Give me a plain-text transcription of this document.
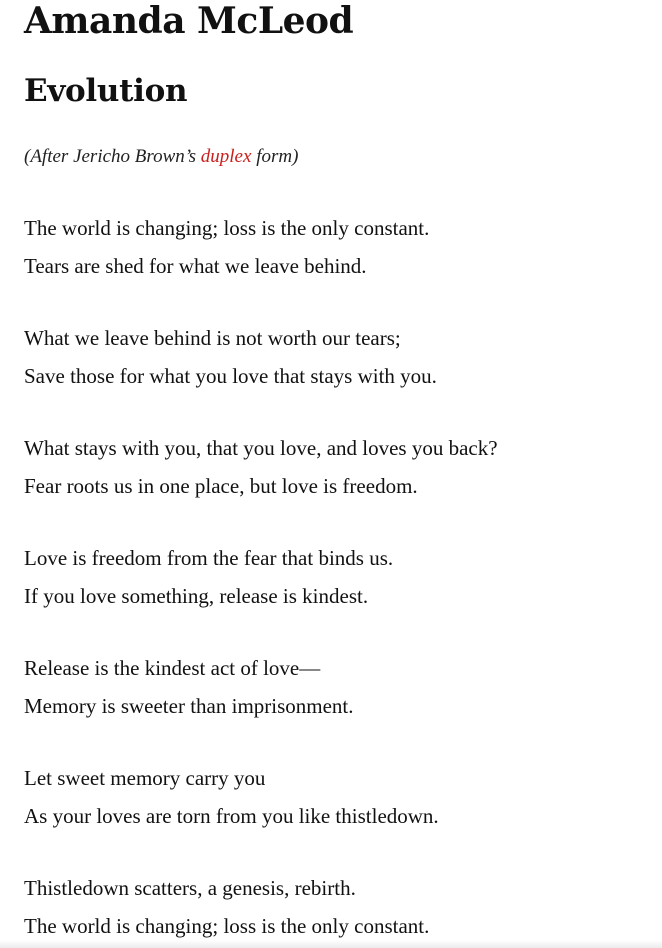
Amanda McLeod
Evolution

(After Jericho Brown’s duplex form)

The world is changing; loss is the only constant.
Tears are shed for what we leave behind.
What we leave behind is not worth our tears;
Save those for what you love that stays with you.
What stays with you, that you love, and loves you back?
Fear roots us in one place, but love is freedom.
Love is freedom from the fear that binds us.
If you love something, release is kindest.
Release is the kindest act of love—
Memory is sweeter than imprisonment.
Let sweet memory carry you
As your loves are torn from you like thistledown.
Thistledown scatters, a genesis, rebirth.
The world is changing; loss is the only constant.
